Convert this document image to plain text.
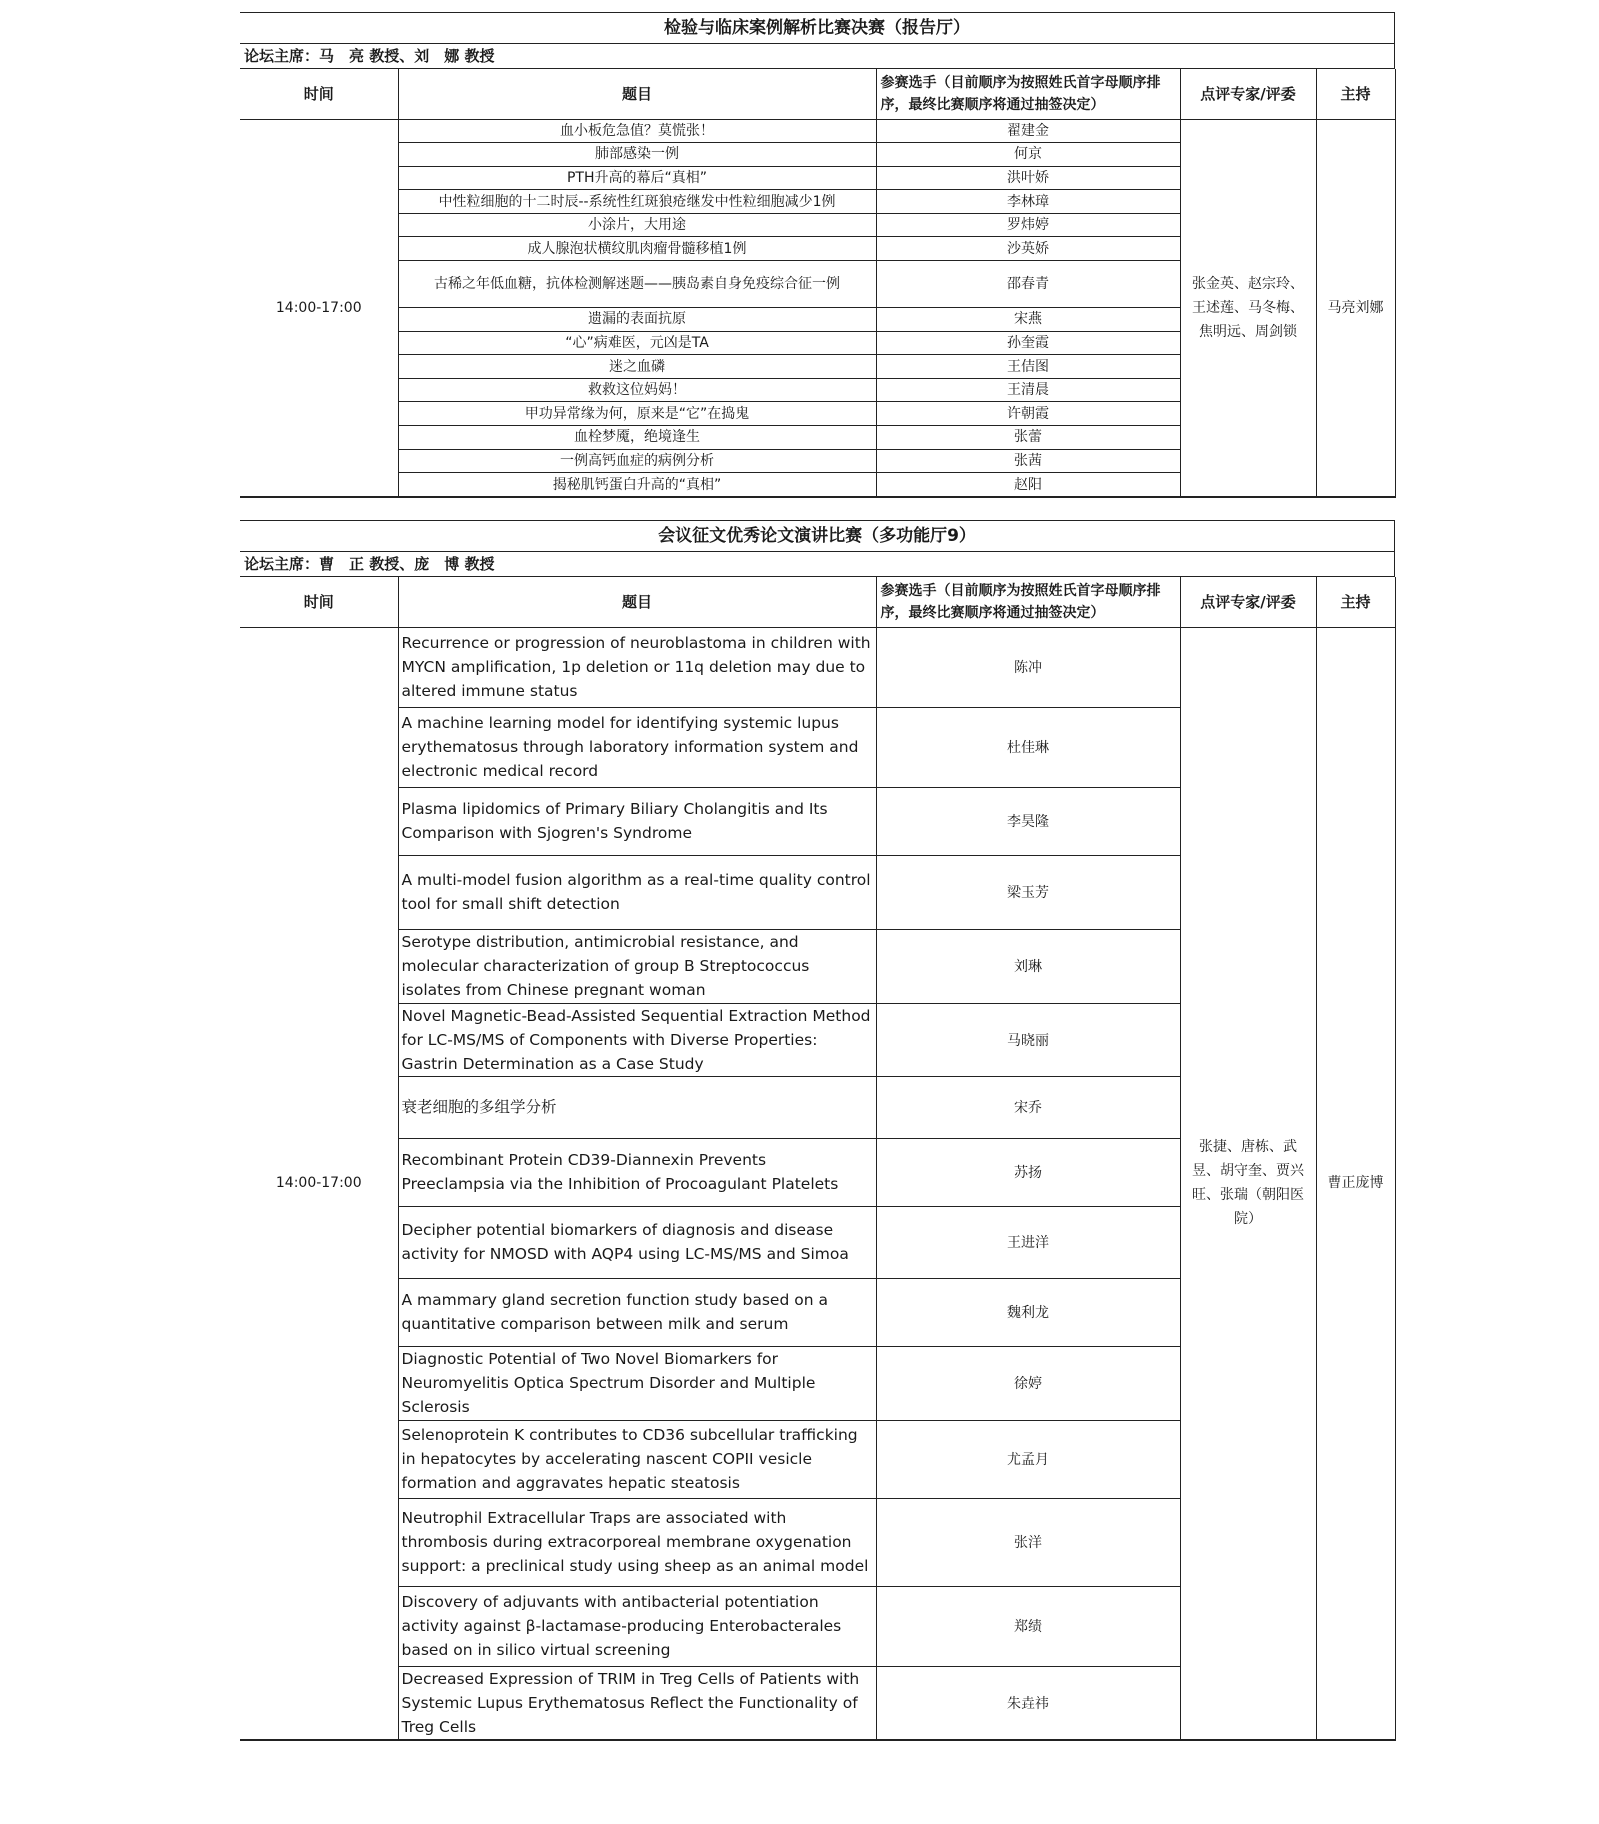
检验与临床案例解析比赛决赛（报告厅）
论坛主席：马　亮 教授、刘　娜 教授
时间	题目	参赛选手（目前顺序为按照姓氏首字母顺序排序，最终比赛顺序将通过抽签决定）	点评专家/评委	主持
14:00-17:00	血小板危急值？莫慌张！	翟建金	张金英、赵宗玲、王述莲、马冬梅、焦明远、周剑锁	马亮刘娜
	肺部感染一例	何京		
	PTH升高的幕后“真相”	洪叶娇		
	中性粒细胞的十二时辰--系统性红斑狼疮继发中性粒细胞减少1例	李林璋		
	小涂片，大用途	罗炜婷		
	成人腺泡状横纹肌肉瘤骨髓移植1例	沙英娇		
	古稀之年低血糖，抗体检测解迷题——胰岛素自身免疫综合征一例	邵春青		
	遗漏的表面抗原	宋燕		
	“心”病难医，元凶是TA	孙奎霞		
	迷之血磷	王佶图		
	救救这位妈妈！	王清晨		
	甲功异常缘为何，原来是“它”在捣鬼	许朝霞		
	血栓梦魇，绝境逢生	张蕾		
	一例高钙血症的病例分析	张茜		
	揭秘肌钙蛋白升高的“真相”	赵阳		
会议征文优秀论文演讲比赛（多功能厅9）
论坛主席：曹　正 教授、庞　博 教授
时间	题目	参赛选手（目前顺序为按照姓氏首字母顺序排序，最终比赛顺序将通过抽签决定）	点评专家/评委	主持
14:00-17:00	Recurrence or progression of neuroblastoma in children with MYCN amplification, 1p deletion or 11q deletion may due to altered immune status	陈冲	张捷、唐栋、武昱、胡守奎、贾兴旺、张瑞（朝阳医院）	曹正庞博
	A machine learning model for identifying systemic lupus erythematosus through laboratory information system and electronic medical record	杜佳琳		
	Plasma lipidomics of Primary Biliary Cholangitis and Its Comparison with Sjogren's Syndrome	李昊隆		
	A multi-model fusion algorithm as a real-time quality control tool for small shift detection	梁玉芳		
	Serotype distribution, antimicrobial resistance, and molecular characterization of group B Streptococcus isolates from Chinese pregnant woman	刘琳		
	Novel Magnetic-Bead-Assisted Sequential Extraction Method for LC-MS/MS of Components with Diverse Properties: Gastrin Determination as a Case Study	马晓丽		
	衰老细胞的多组学分析	宋乔		
	Recombinant Protein CD39-Diannexin Prevents Preeclampsia via the Inhibition of Procoagulant Platelets	苏扬		
	Decipher potential biomarkers of diagnosis and disease activity for NMOSD with AQP4 using LC-MS/MS and Simoa	王进洋		
	A mammary gland secretion function study based on a quantitative comparison between milk and serum	魏利龙		
	Diagnostic Potential of Two Novel Biomarkers for Neuromyelitis Optica Spectrum Disorder and Multiple Sclerosis	徐婷		
	Selenoprotein K contributes to CD36 subcellular trafficking in hepatocytes by accelerating nascent COPII vesicle formation and aggravates hepatic steatosis	尤孟月		
	Neutrophil Extracellular Traps are associated with thrombosis during extracorporeal membrane oxygenation support: a preclinical study using sheep as an animal model	张洋		
	Discovery of adjuvants with antibacterial potentiation activity against β-lactamase-producing Enterobacterales based on in silico virtual screening	郑绩		
	Decreased Expression of TRIM in Treg Cells of Patients with Systemic Lupus Erythematosus Reflect the Functionality of Treg Cells	朱垚祎		
